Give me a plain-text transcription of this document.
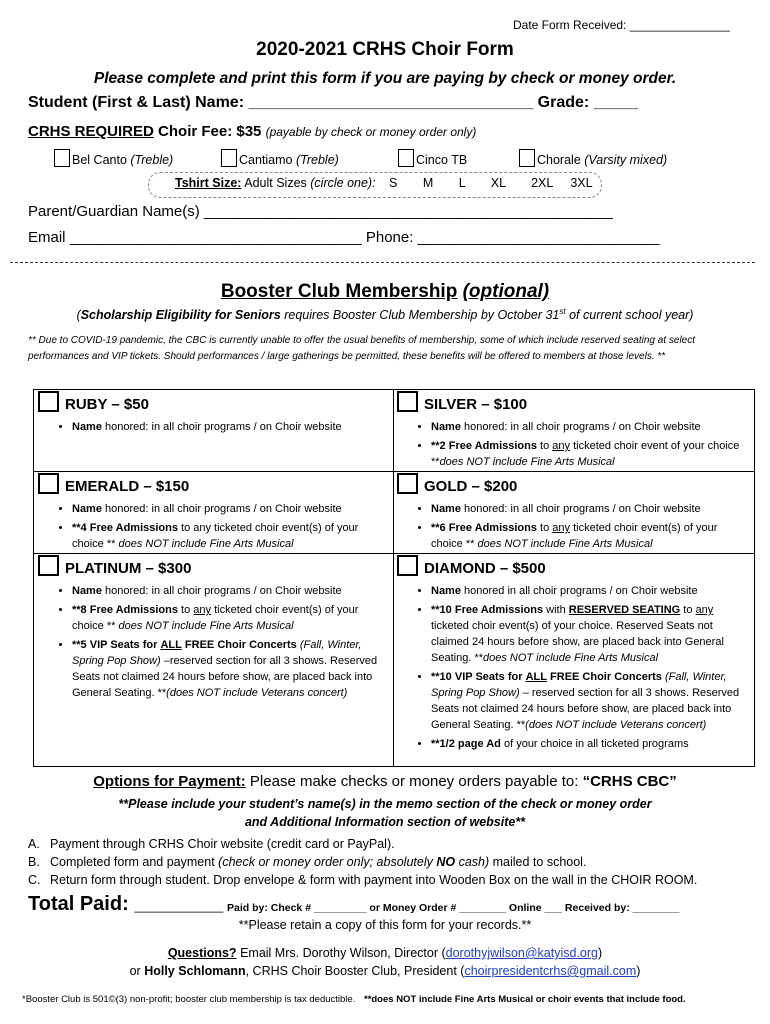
Date Form Received: _______________
2020-2021 CRHS Choir Form
Please complete and print this form if you are paying by check or money order.
Student (First & Last) Name: ________________________________ Grade: _____
CRHS REQUIRED Choir Fee: $35 (payable by check or money order only)
Bel Canto (Treble)	Cantiamo (Treble)	Cinco TB	Chorale (Varsity mixed)
Tshirt Size: Adult Sizes (circle one): S M L XL 2XL 3XL
Parent/Guardian Name(s) _________________________________________________
Email ___________________________________ Phone: _____________________________
Booster Club Membership (optional)
(Scholarship Eligibility for Seniors requires Booster Club Membership by October 31st of current school year)
** Due to COVID-19 pandemic, the CBC is currently unable to offer the usual benefits of membership, some of which include reserved seating at select performances and VIP tickets. Should performances / large gatherings be permitted, these benefits will be offered to members at those levels. **
RUBY – $50
• Name honored: in all choir programs / on Choir website
SILVER – $100
• Name honored: in all choir programs / on Choir website
• **2 Free Admissions to any ticketed choir event of your choice **does NOT include Fine Arts Musical
EMERALD – $150
• Name honored: in all choir programs / on Choir website
• **4 Free Admissions to any ticketed choir event(s) of your choice ** does NOT include Fine Arts Musical
GOLD – $200
• Name honored: in all choir programs / on Choir website
• **6 Free Admissions to any ticketed choir event(s) of your choice ** does NOT include Fine Arts Musical
PLATINUM – $300
• Name honored: in all choir programs / on Choir website
• **8 Free Admissions to any ticketed choir event(s) of your choice ** does NOT include Fine Arts Musical
• **5 VIP Seats for ALL FREE Choir Concerts (Fall, Winter, Spring Pop Show) –reserved section for all 3 shows. Reserved Seats not claimed 24 hours before show, are placed back into General Seating. **(does NOT include Veterans concert)
DIAMOND – $500
• Name honored in all choir programs / on Choir website
• **10 Free Admissions with RESERVED SEATING to any ticketed choir event(s) of your choice. Reserved Seats not claimed 24 hours before show, are placed back into General Seating. **does NOT include Fine Arts Musical
• **10 VIP Seats for ALL FREE Choir Concerts (Fall, Winter, Spring Pop Show) – reserved section for all 3 shows. Reserved Seats not claimed 24 hours before show, are placed back into General Seating. **(does NOT include Veterans concert)
• **1/2 page Ad of your choice in all ticketed programs
Options for Payment: Please make checks or money orders payable to: “CRHS CBC”
**Please include your student’s name(s) in the memo section of the check or money order
and Additional Information section of website**
A. Payment through CRHS Choir website (credit card or PayPal).
B. Completed form and payment (check or money order only; absolutely NO cash) mailed to school.
C. Return form through student. Drop envelope & form with payment into Wooden Box on the wall in the CHOIR ROOM.
Total Paid: ________ Paid by: Check # _________ or Money Order # ________ Online ___ Received by: ________
**Please retain a copy of this form for your records.**
Questions? Email Mrs. Dorothy Wilson, Director (dorothyjwilson@katyisd.org)
or Holly Schlomann, CRHS Choir Booster Club, President (choirpresidentcrhs@gmail.com)
*Booster Club is 501©(3) non-profit; booster club membership is tax deductible. **does NOT include Fine Arts Musical or choir events that include food.
